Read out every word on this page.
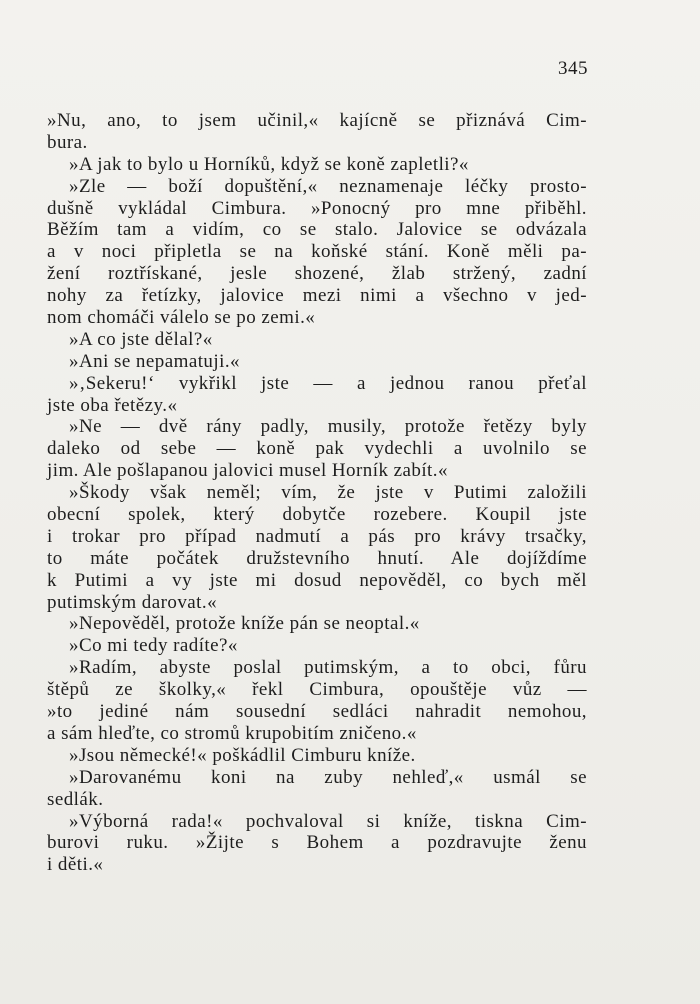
345
»Nu, ano, to jsem učinil,« kajícně se přiznává Cim-
bura.
»A jak to bylo u Horníků, když se koně zapletli?«
»Zle — boží dopuštění,« neznamenaje léčky prosto-
dušně vykládal Cimbura. »Ponocný pro mne přiběhl.
Běžím tam a vidím, co se stalo. Jalovice se odvázala
a v noci připletla se na koňské stání. Koně měli pa-
žení roztřískané, jesle shozené, žlab stržený, zadní
nohy za řetízky, jalovice mezi nimi a všechno v jed-
nom chomáči válelo se po zemi.«
»A co jste dělal?«
»Ani se nepamatuji.«
»‚Sekeru!‘ vykřikl jste — a jednou ranou přeťal
jste oba řetězy.«
»Ne — dvě rány padly, musily, protože řetězy byly
daleko od sebe — koně pak vydechli a uvolnilo se
jim. Ale pošlapanou jalovici musel Horník zabít.«
»Škody však neměl; vím, že jste v Putimi založili
obecní spolek, který dobytče rozebere. Koupil jste
i trokar pro případ nadmutí a pás pro krávy trsačky,
to máte počátek družstevního hnutí. Ale dojíždíme
k Putimi a vy jste mi dosud nepověděl, co bych měl
putimským darovat.«
»Nepověděl, protože kníže pán se neoptal.«
»Co mi tedy radíte?«
»Radím, abyste poslal putimským, a to obci, fůru
štěpů ze školky,« řekl Cimbura, opouštěje vůz —
»to jediné nám sousední sedláci nahradit nemohou,
a sám hleďte, co stromů krupobitím zničeno.«
»Jsou německé!« poškádlil Cimburu kníže.
»Darovanému koni na zuby nehleď,« usmál se
sedlák.
»Výborná rada!« pochvaloval si kníže, tiskna Cim-
burovi ruku. »Žijte s Bohem a pozdravujte ženu
i děti.«
